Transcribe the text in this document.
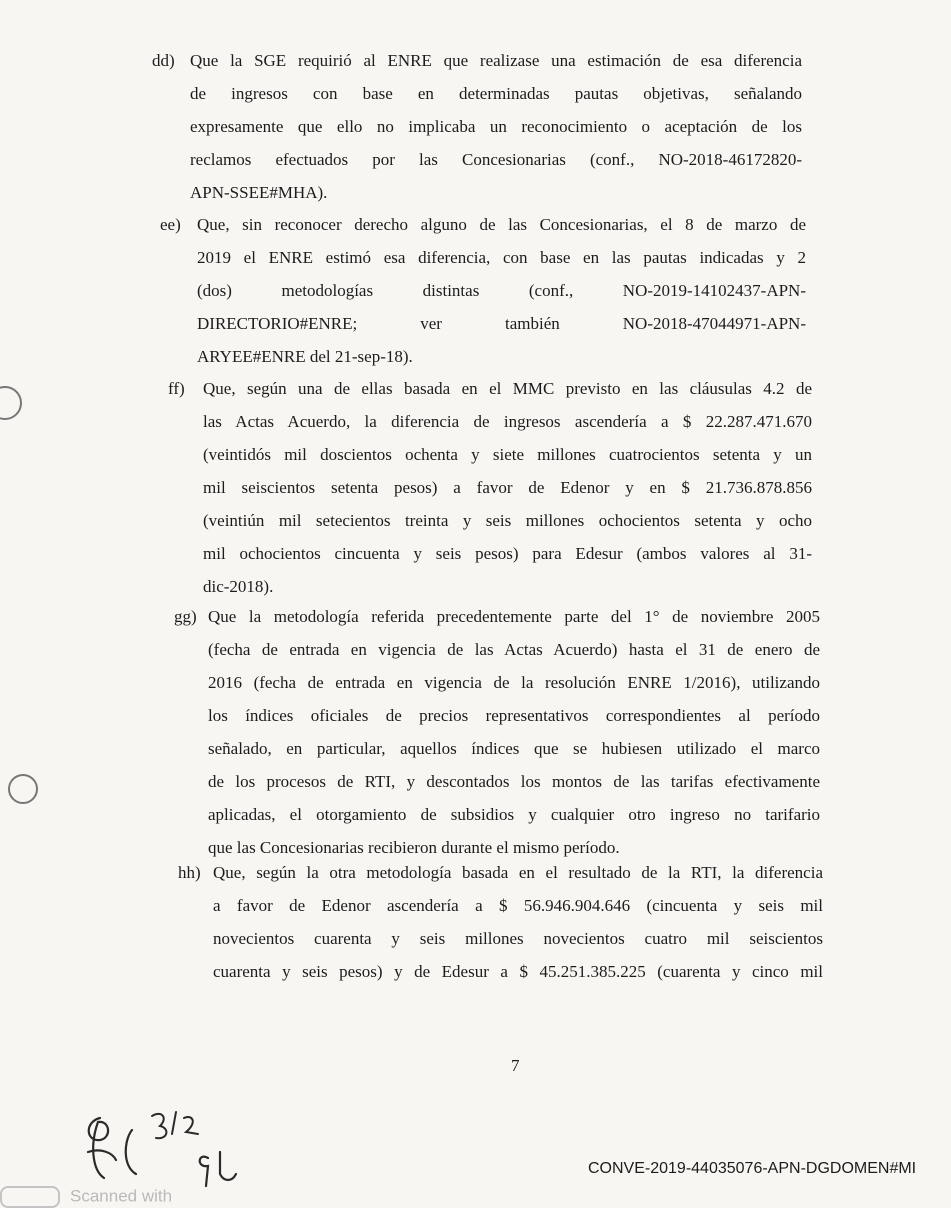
dd) Que la SGE requirió al ENRE que realizase una estimación de esa diferencia
de ingresos con base en determinadas pautas objetivas, señalando
expresamente que ello no implicaba un reconocimiento o aceptación de los
reclamos efectuados por las Concesionarias (conf., NO-2018-46172820-
APN-SSEE#MHA).
ee) Que, sin reconocer derecho alguno de las Concesionarias, el 8 de marzo de
2019 el ENRE estimó esa diferencia, con base en las pautas indicadas y 2
(dos) metodologías distintas (conf., NO-2019-14102437-APN-
DIRECTORIO#ENRE; ver también NO-2018-47044971-APN-
ARYEE#ENRE del 21-sep-18).
ff) Que, según una de ellas basada en el MMC previsto en las cláusulas 4.2 de
las Actas Acuerdo, la diferencia de ingresos ascendería a $ 22.287.471.670
(veintidós mil doscientos ochenta y siete millones cuatrocientos setenta y un
mil seiscientos setenta pesos) a favor de Edenor y en $ 21.736.878.856
(veintiún mil setecientos treinta y seis millones ochocientos setenta y ocho
mil ochocientos cincuenta y seis pesos) para Edesur (ambos valores al 31-
dic-2018).
gg) Que la metodología referida precedentemente parte del 1° de noviembre 2005
(fecha de entrada en vigencia de las Actas Acuerdo) hasta el 31 de enero de
2016 (fecha de entrada en vigencia de la resolución ENRE 1/2016), utilizando
los índices oficiales de precios representativos correspondientes al período
señalado, en particular, aquellos índices que se hubiesen utilizado el marco
de los procesos de RTI, y descontados los montos de las tarifas efectivamente
aplicadas, el otorgamiento de subsidios y cualquier otro ingreso no tarifario
que las Concesionarias recibieron durante el mismo período.
hh) Que, según la otra metodología basada en el resultado de la RTI, la diferencia
a favor de Edenor ascendería a $ 56.946.904.646 (cincuenta y seis mil
novecientos cuarenta y seis millones novecientos cuatro mil seiscientos
cuarenta y seis pesos) y de Edesur a $ 45.251.385.225 (cuarenta y cinco mil
7
CONVE-2019-44035076-APN-DGDOMEN#MI
Scanned with
